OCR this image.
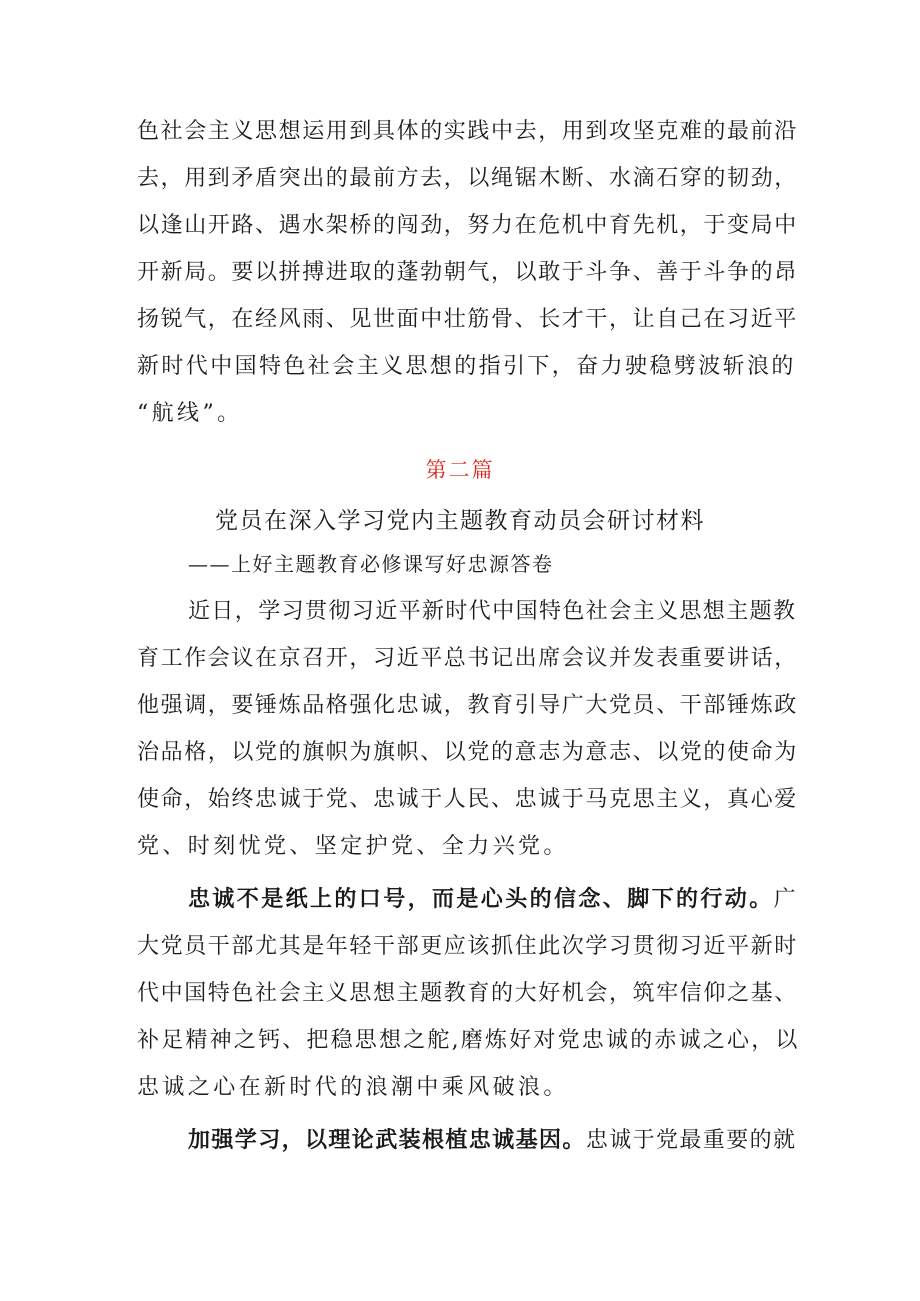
色社会主义思想运用到具体的实践中去，用到攻坚克难的最前沿
去，用到矛盾突出的最前方去，以绳锯木断、水滴石穿的韧劲，
以逢山开路、遇水架桥的闯劲，努力在危机中育先机，于变局中
开新局。要以拼搏进取的蓬勃朝气，以敢于斗争、善于斗争的昂
扬锐气，在经风雨、见世面中壮筋骨、长才干，让自己在习近平
新时代中国特色社会主义思想的指引下，奋力驶稳劈波斩浪的
“航线”。
第二篇
党员在深入学习党内主题教育动员会研讨材料
——上好主题教育必修课写好忠源答卷
近日，学习贯彻习近平新时代中国特色社会主义思想主题教
育工作会议在京召开，习近平总书记出席会议并发表重要讲话，
他强调，要锤炼品格强化忠诚，教育引导广大党员、干部锤炼政
治品格，以党的旗帜为旗帜、以党的意志为意志、以党的使命为
使命，始终忠诚于党、忠诚于人民、忠诚于马克思主义，真心爱
党、时刻忧党、坚定护党、全力兴党。
忠诚不是纸上的口号，而是心头的信念、脚下的行动。广
大党员干部尤其是年轻干部更应该抓住此次学习贯彻习近平新时
代中国特色社会主义思想主题教育的大好机会，筑牢信仰之基、
补足精神之钙、把稳思想之舵,磨炼好对党忠诚的赤诚之心，以
忠诚之心在新时代的浪潮中乘风破浪。
加强学习，以理论武装根植忠诚基因。忠诚于党最重要的就
